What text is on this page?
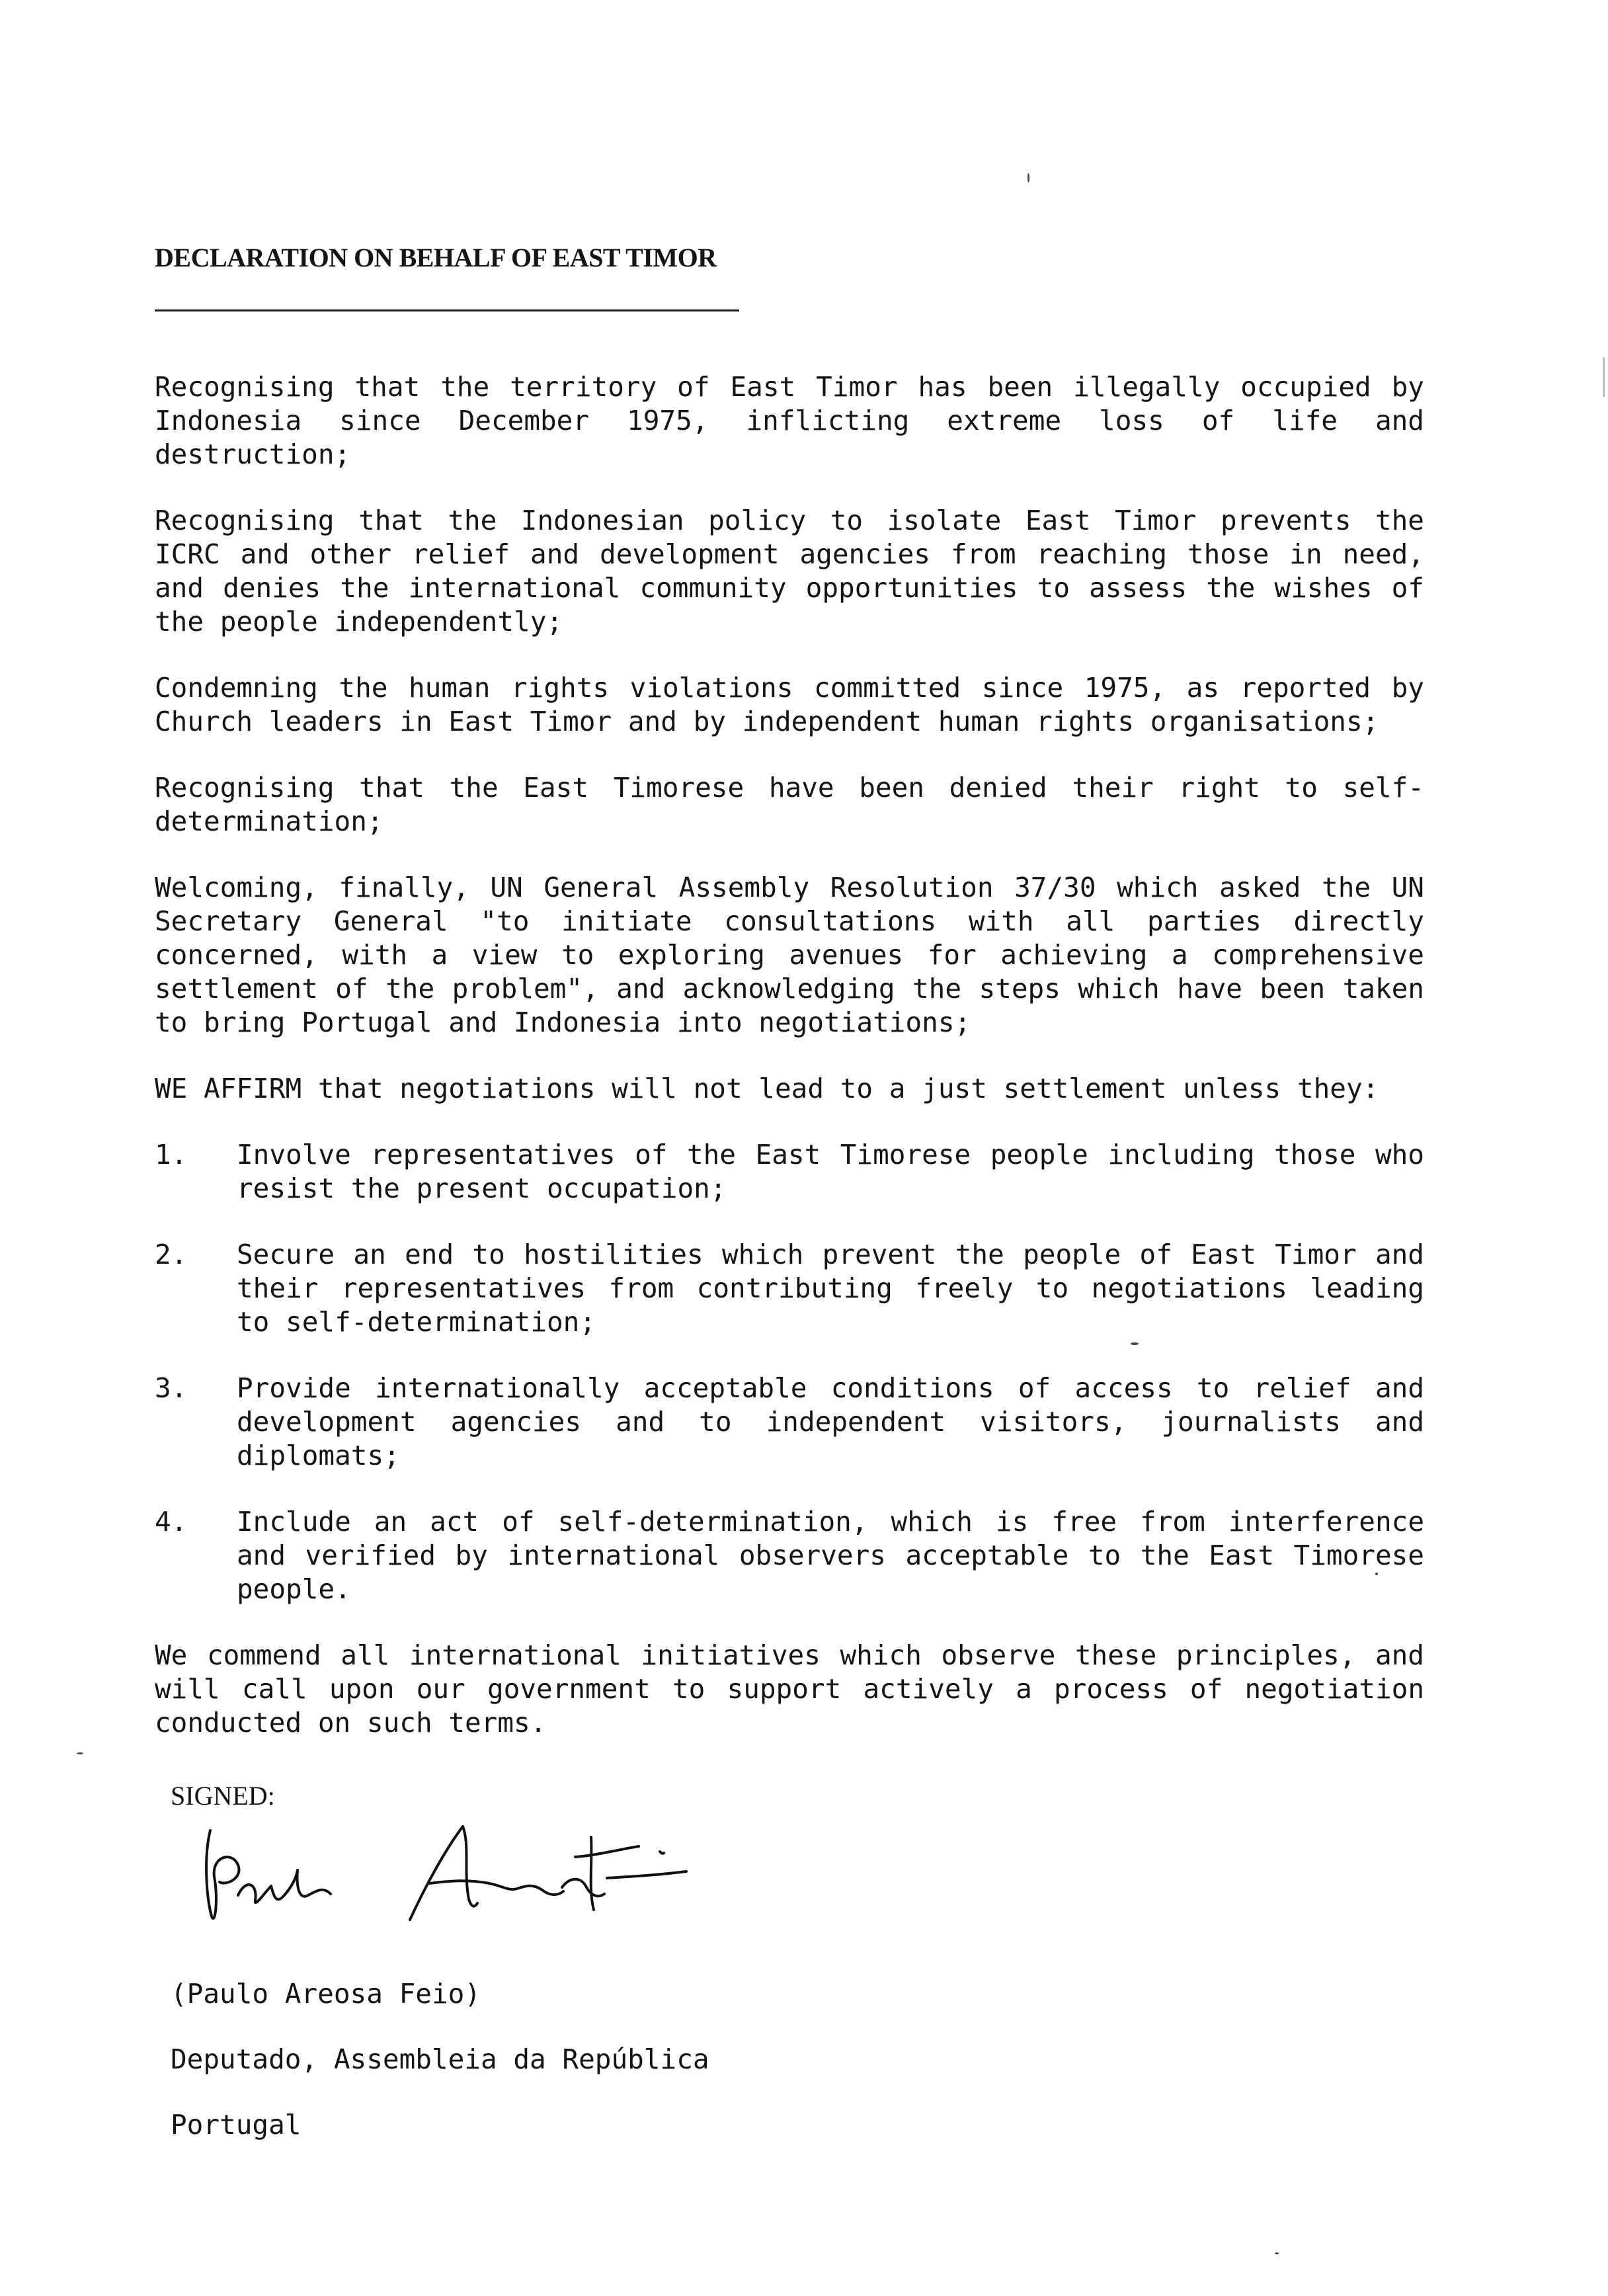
DECLARATION ON BEHALF OF EAST TIMOR

Recognising that the territory of East Timor has been illegally occupied by Indonesia since December 1975, inflicting extreme loss of life and destruction;

Recognising that the Indonesian policy to isolate East Timor prevents the ICRC and other relief and development agencies from reaching those in need, and denies the international community opportunities to assess the wishes of the people independently;

Condemning the human rights violations committed since 1975, as reported by Church leaders in East Timor and by independent human rights organisations;

Recognising that the East Timorese have been denied their right to self-determination;

Welcoming, finally, UN General Assembly Resolution 37/30 which asked the UN Secretary General "to initiate consultations with all parties directly concerned, with a view to exploring avenues for achieving a comprehensive settlement of the problem", and acknowledging the steps which have been taken to bring Portugal and Indonesia into negotiations;

WE AFFIRM that negotiations will not lead to a just settlement unless they:

1.	Involve representatives of the East Timorese people including those who resist the present occupation;
2.	Secure an end to hostilities which prevent the people of East Timor and their representatives from contributing freely to negotiations leading to self-determination;
3.	Provide internationally acceptable conditions of access to relief and development agencies and to independent visitors, journalists and diplomats;
4.	Include an act of self-determination, which is free from interference and verified by international observers acceptable to the East Timorese people.

We commend all international initiatives which observe these principles, and will call upon our government to support actively a process of negotiation conducted on such terms.

SIGNED:
(Paulo Areosa Feio)
Deputado, Assembleia da República
Portugal
